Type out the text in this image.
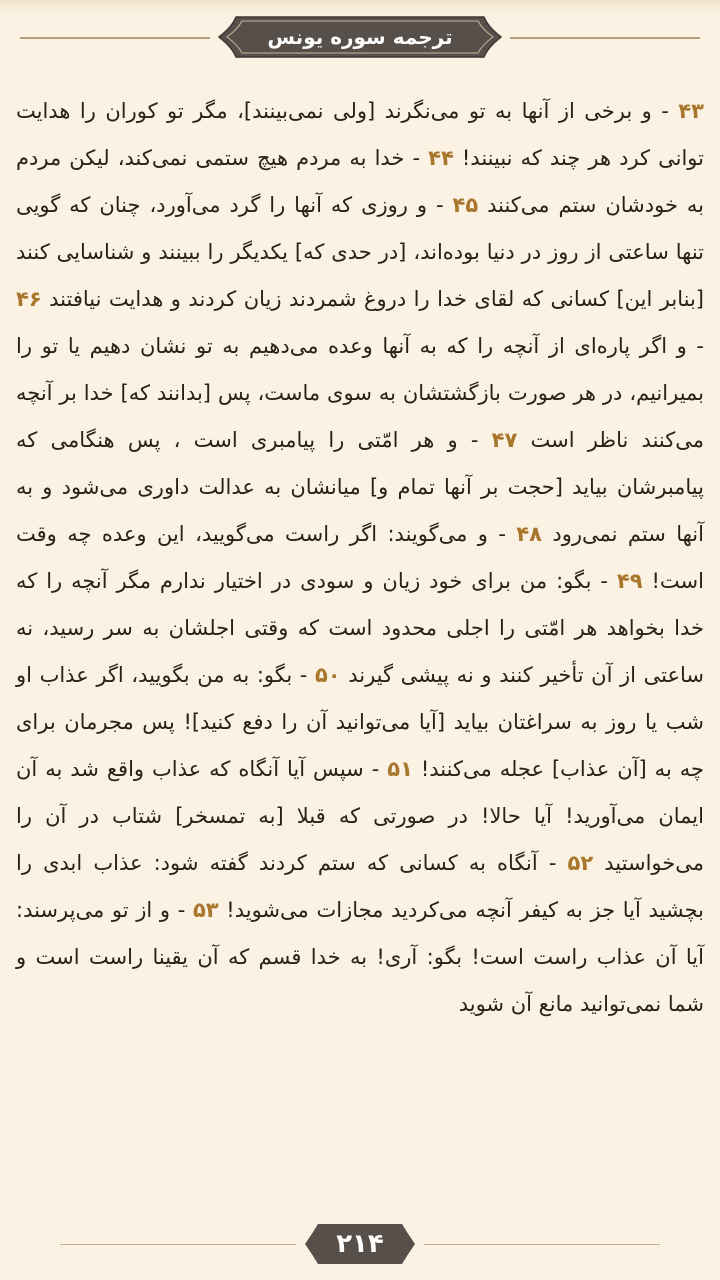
ترجمه سوره یونس
۴۳ - و برخی از آنها به تو می‌نگرند [ولی نمی‌بینند]، مگر تو کوران را هدایت توانی کرد هر چند که نبینند! ۴۴ - خدا به مردم هیچ ستمی نمی‌کند، لیکن مردم به خودشان ستم می‌کنند ۴۵ - و روزی که آنها را گرد می‌آورد، چنان که گویی تنها ساعتی از روز در دنیا بوده‌اند، [در حدی که] یکدیگر را ببینند و شناسایی کنند [بنابر این] کسانی که لقای خدا را دروغ شمردند زیان کردند و هدایت نیافتند ۴۶ - و اگر پاره‌ای از آنچه را که به آنها وعده می‌دهیم به تو نشان دهیم یا تو را بمیرانیم، در هر صورت بازگشتشان به سوی ماست، پس [بدانند که] خدا بر آنچه می‌کنند ناظر است ۴۷ - و هر امّتی را پیامبری است ، پس هنگامی که پیامبرشان بیاید [حجت بر آنها تمام و] میانشان به عدالت داوری می‌شود و به آنها ستم نمی‌رود ۴۸ - و می‌گویند: اگر راست می‌گویید، این وعده چه وقت است! ۴۹ - بگو: من برای خود زیان و سودی در اختیار ندارم مگر آنچه را که خدا بخواهد هر امّتی را اجلی محدود است که وقتی اجلشان به سر رسید، نه ساعتی از آن تأخیر کنند و نه پیشی گیرند ۵۰ - بگو: به من بگویید، اگر عذاب او شب یا روز به سراغتان بیاید [آیا می‌توانید آن را دفع کنید]! پس مجرمان برای چه به [آن عذاب] عجله می‌کنند! ۵۱ - سپس آیا آنگاه که عذاب واقع شد به آن ایمان می‌آورید! آیا حالا! در صورتی که قبلا [به تمسخر] شتاب در آن را می‌خواستید ۵۲ - آنگاه به کسانی که ستم کردند گفته شود: عذاب ابدی را بچشید آیا جز به کیفر آنچه می‌کردید مجازات می‌شوید! ۵۳ - و از تو می‌پرسند: آیا آن عذاب راست است! بگو: آری! به خدا قسم که آن یقینا راست است و شما نمی‌توانید مانع آن شوید
۲۱۴
